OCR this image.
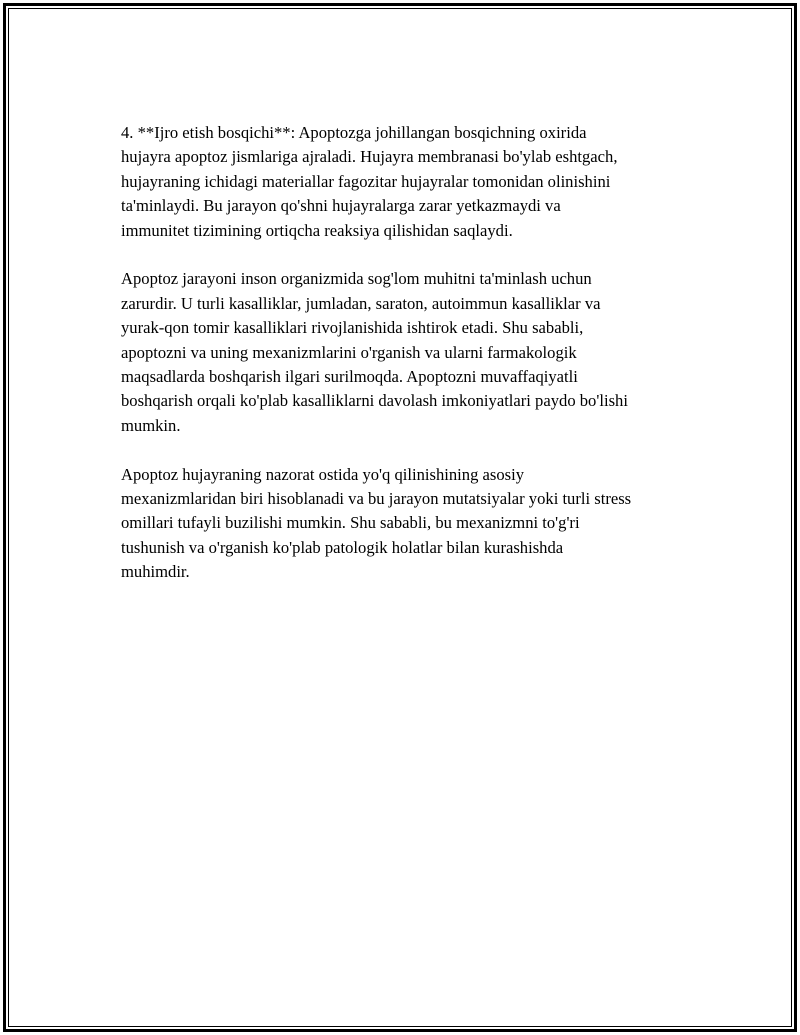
4. **Ijro etish bosqichi**: Apoptozga johillangan bosqichning oxirida
hujayra apoptoz jismlariga ajraladi. Hujayra membranasi bo'ylab eshtgach,
hujayraning ichidagi materiallar fagozitar hujayralar tomonidan olinishini
ta'minlaydi. Bu jarayon qo'shni hujayralarga zarar yetkazmaydi va
immunitet tizimining ortiqcha reaksiya qilishidan saqlaydi.

Apoptoz jarayoni inson organizmida sog'lom muhitni ta'minlash uchun
zarurdir. U turli kasalliklar, jumladan, saraton, autoimmun kasalliklar va
yurak-qon tomir kasalliklari rivojlanishida ishtirok etadi. Shu sababli,
apoptozni va uning mexanizmlarini o'rganish va ularni farmakologik
maqsadlarda boshqarish ilgari surilmoqda. Apoptozni muvaffaqiyatli
boshqarish orqali ko'plab kasalliklarni davolash imkoniyatlari paydo bo'lishi
mumkin.

Apoptoz hujayraning nazorat ostida yo'q qilinishining asosiy
mexanizmlaridan biri hisoblanadi va bu jarayon mutatsiyalar yoki turli stress
omillari tufayli buzilishi mumkin. Shu sababli, bu mexanizmni to'g'ri
tushunish va o'rganish ko'plab patologik holatlar bilan kurashishda
muhimdir.
